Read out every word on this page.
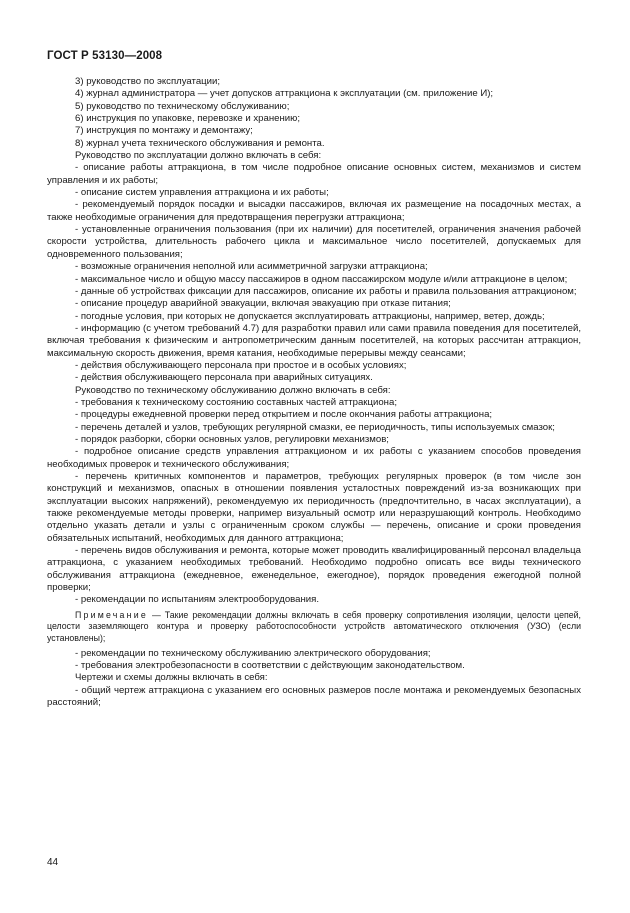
ГОСТ Р 53130—2008

3) руководство по эксплуатации;

4) журнал администратора — учет допусков аттракциона к эксплуатации (см. приложение И);

5) руководство по техническому обслуживанию;

6) инструкция по упаковке, перевозке и хранению;

7) инструкция по монтажу и демонтажу;

8) журнал учета технического обслуживания и ремонта.

Руководство по эксплуатации должно включать в себя:

- описание работы аттракциона, в том числе подробное описание основных систем, механизмов и систем управления и их работы;

- описание систем управления аттракциона и их работы;

- рекомендуемый порядок посадки и высадки пассажиров, включая их размещение на посадочных местах, а также необходимые ограничения для предотвращения перегрузки аттракциона;

- установленные ограничения пользования (при их наличии) для посетителей, ограничения значения рабочей скорости устройства, длительность рабочего цикла и максимальное число посетителей, допускаемых для одновременного пользования;

- возможные ограничения неполной или асимметричной загрузки аттракциона;

- максимальное число и общую массу пассажиров в одном пассажирском модуле и/или аттракционе в целом;

- данные об устройствах фиксации для пассажиров, описание их работы и правила пользования аттракционом;

- описание процедур аварийной эвакуации, включая эвакуацию при отказе питания;

- погодные условия, при которых не допускается эксплуатировать аттракционы, например, ветер, дождь;

- информацию (с учетом требований 4.7) для разработки правил или сами правила поведения для посетителей, включая требования к физическим и антропометрическим данным посетителей, на которых рассчитан аттракцион, максимальную скорость движения, время катания, необходимые перерывы между сеансами;

- действия обслуживающего персонала при простое и в особых условиях;

- действия обслуживающего персонала при аварийных ситуациях.

Руководство по техническому обслуживанию должно включать в себя:

- требования к техническому состоянию составных частей аттракциона;

- процедуры ежедневной проверки перед открытием и после окончания работы аттракциона;

- перечень деталей и узлов, требующих регулярной смазки, ее периодичность, типы используемых смазок;

- порядок разборки, сборки основных узлов, регулировки механизмов;

- подробное описание средств управления аттракционом и их работы с указанием способов проведения необходимых проверок и технического обслуживания;

- перечень критичных компонентов и параметров, требующих регулярных проверок (в том числе зон конструкций и механизмов, опасных в отношении появления усталостных повреждений из-за возникающих при эксплуатации высоких напряжений), рекомендуемую их периодичность (предпочтительно, в часах эксплуатации), а также рекомендуемые методы проверки, например визуальный осмотр или неразрушающий контроль. Необходимо отдельно указать детали и узлы с ограниченным сроком службы — перечень, описание и сроки проведения обязательных испытаний, необходимых для данного аттракциона;

- перечень видов обслуживания и ремонта, которые может проводить квалифицированный персонал владельца аттракциона, с указанием необходимых требований. Необходимо подробно описать все виды технического обслуживания аттракциона (ежедневное, еженедельное, ежегодное), порядок проведения ежегодной полной проверки;

- рекомендации по испытаниям электрооборудования.

Примечание — Такие рекомендации должны включать в себя проверку сопротивления изоляции, целости цепей, целости заземляющего контура и проверку работоспособности устройств автоматического отключения (УЗО) (если установлены);

- рекомендации по техническому обслуживанию электрического оборудования;

- требования электробезопасности в соответствии с действующим законодательством.

Чертежи и схемы должны включать в себя:

- общий чертеж аттракциона с указанием его основных размеров после монтажа и рекомендуемых безопасных расстояний;

44
